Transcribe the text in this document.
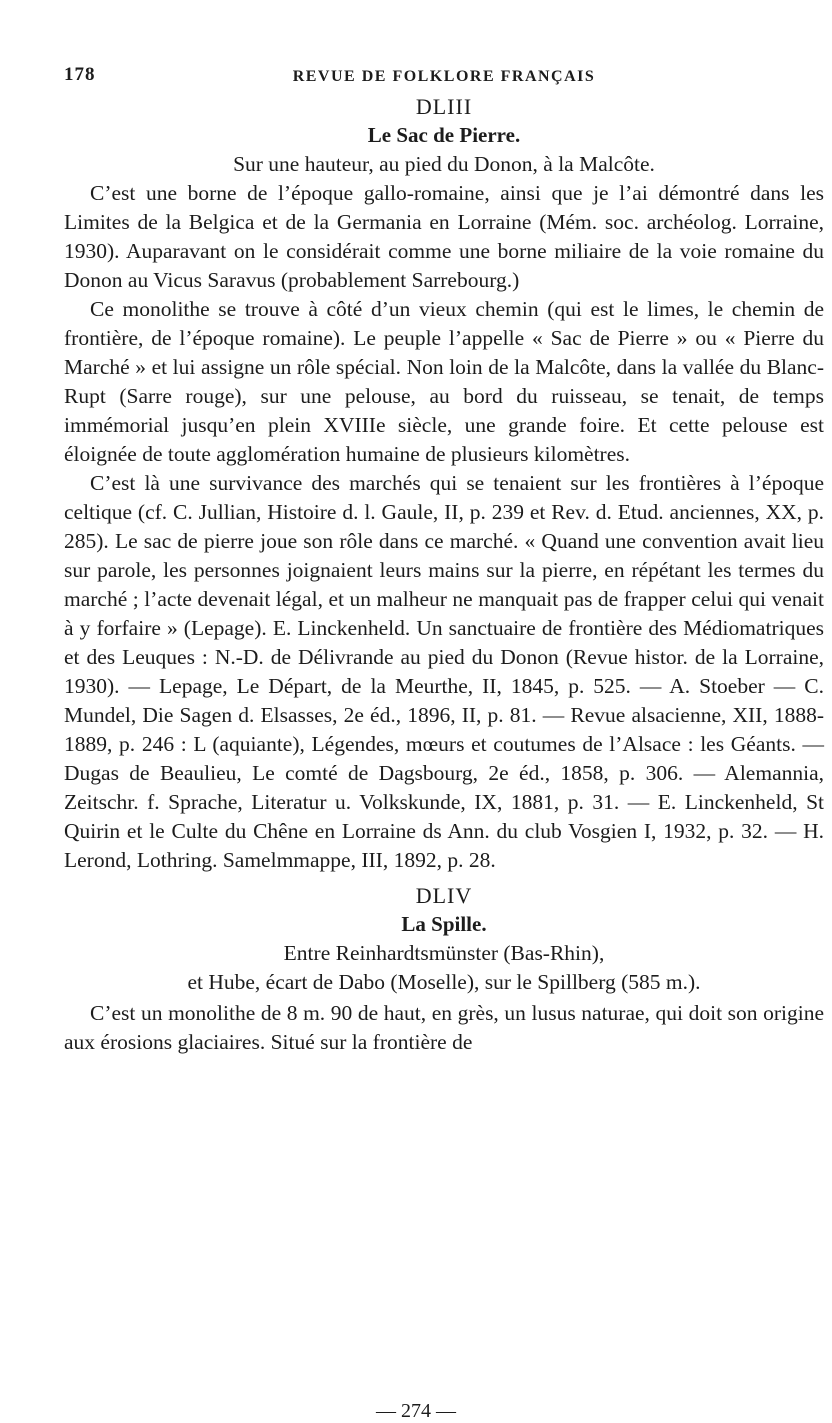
178	REVUE DE FOLKLORE FRANÇAIS
DLIII
Le Sac de Pierre.
Sur une hauteur, au pied du Donon, à la Malcôte.

C’est une borne de l’époque gallo-romaine, ainsi que je l’ai démontré dans les Limites de la Belgica et de la Germania en Lorraine (Mém. soc. archéolog. Lorraine, 1930). Auparavant on le considérait comme une borne miliaire de la voie romaine du Donon au Vicus Saravus (probablement Sarrebourg.)

Ce monolithe se trouve à côté d’un vieux chemin (qui est le limes, le chemin de frontière, de l’époque romaine). Le peuple l’appelle « Sac de Pierre » ou « Pierre du Marché » et lui assigne un rôle spécial. Non loin de la Malcôte, dans la vallée du Blanc-Rupt (Sarre rouge), sur une pelouse, au bord du ruisseau, se tenait, de temps immémorial jusqu’en plein XVIIIe siècle, une grande foire. Et cette pelouse est éloignée de toute agglomération humaine de plusieurs kilomètres.

C’est là une survivance des marchés qui se tenaient sur les frontières à l’époque celtique (cf. C. Jullian, Histoire d. l. Gaule, II, p. 239 et Rev. d. Etud. anciennes, XX, p. 285). Le sac de pierre joue son rôle dans ce marché. « Quand une convention avait lieu sur parole, les personnes joignaient leurs mains sur la pierre, en répétant les termes du marché ; l’acte devenait légal, et un malheur ne manquait pas de frapper celui qui venait à y forfaire » (Lepage). E. Linckenheld. Un sanctuaire de frontière des Médiomatriques et des Leuques : N.-D. de Délivrande au pied du Donon (Revue histor. de la Lorraine, 1930). — Lepage, Le Départ, de la Meurthe, II, 1845, p. 525. — A. Stoeber — C. Mundel, Die Sagen d. Elsasses, 2e éd., 1896, II, p. 81. — Revue alsacienne, XII, 1888-1889, p. 246 : L (aquiante), Légendes, mœurs et coutumes de l’Alsace : les Géants. — Dugas de Beaulieu, Le comté de Dagsbourg, 2e éd., 1858, p. 306. — Alemannia, Zeitschr. f. Sprache, Literatur u. Volkskunde, IX, 1881, p. 31. — E. Linckenheld, St Quirin et le Culte du Chêne en Lorraine ds Ann. du club Vosgien I, 1932, p. 32. — H. Lerond, Lothring. Samelmmappe, III, 1892, p. 28.

DLIV
La Spille.
Entre Reinhardtsmünster (Bas-Rhin),
et Hube, écart de Dabo (Moselle), sur le Spillberg (585 m.).

C’est un monolithe de 8 m. 90 de haut, en grès, un lusus naturae, qui doit son origine aux érosions glaciaires. Situé sur la frontière de

— 274 —
